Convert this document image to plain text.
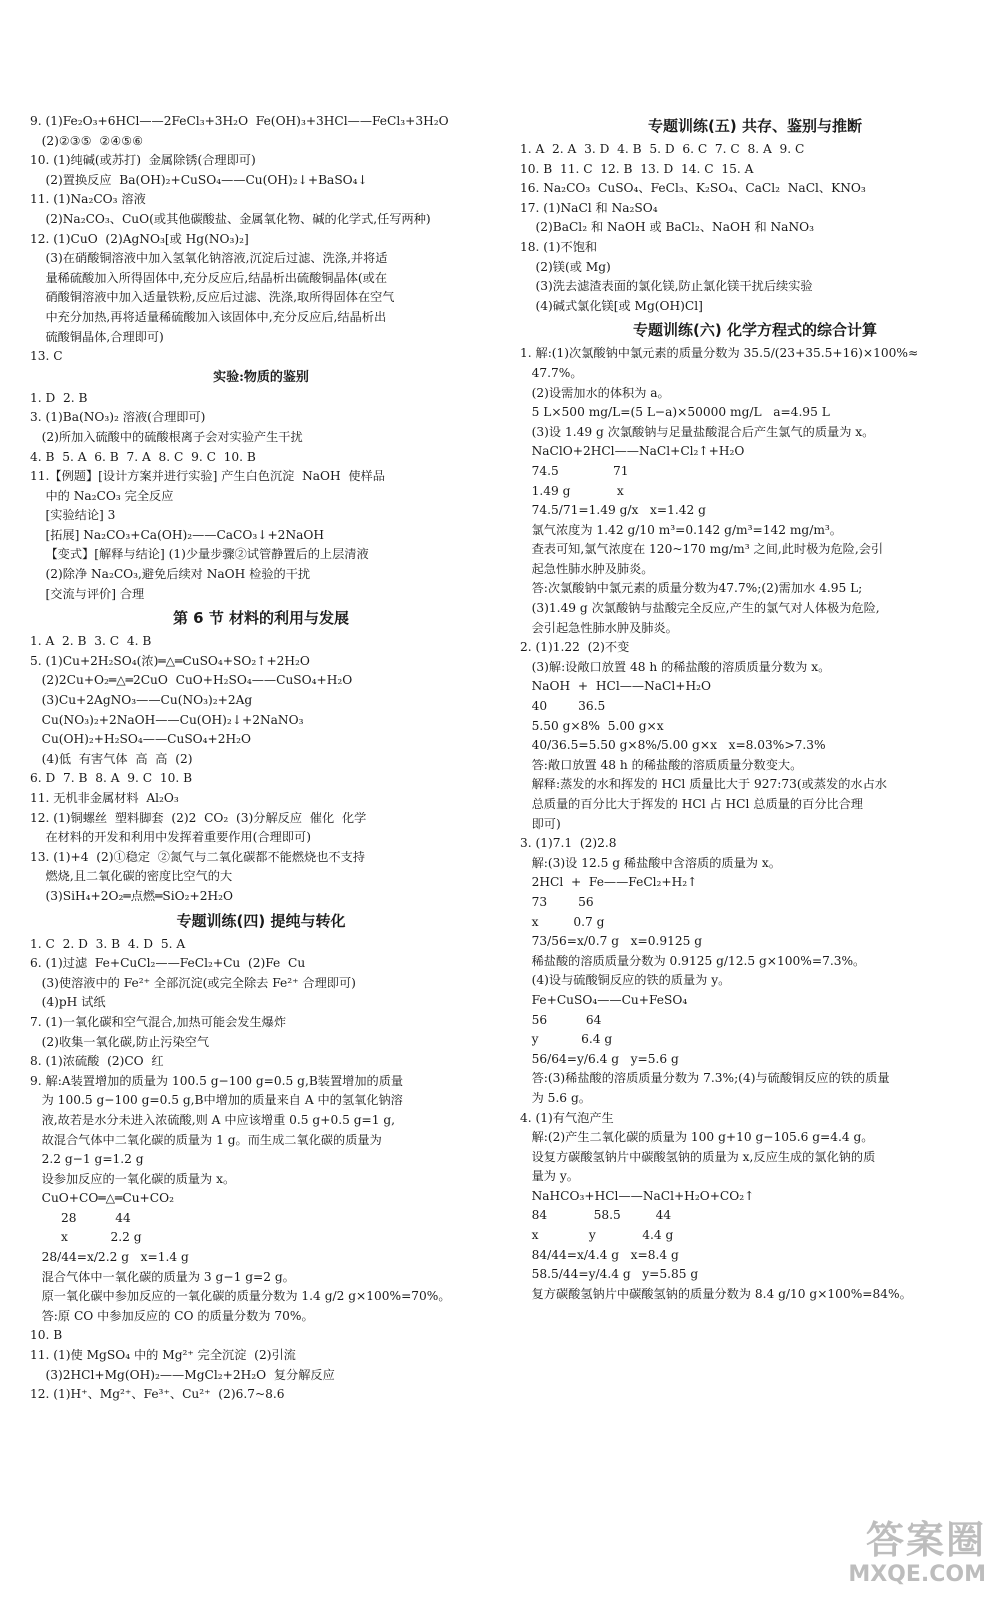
9. (1)Fe₂O₃+6HCl——2FeCl₃+3H₂O  Fe(OH)₃+3HCl——FeCl₃+3H₂O
(2)②③⑤  ②④⑤⑥
10. (1)纯碱(或苏打)  金属除锈(合理即可)
(2)置换反应  Ba(OH)₂+CuSO₄——Cu(OH)₂↓+BaSO₄↓
11. (1)Na₂CO₃ 溶液
(2)Na₂CO₃、CuO(或其他碳酸盐、金属氧化物、碱的化学式,任写两种)
12. (1)CuO  (2)AgNO₃[或 Hg(NO₃)₂]
(3)在硝酸铜溶液中加入氢氧化钠溶液,沉淀后过滤、洗涤,并将适
量稀硫酸加入所得固体中,充分反应后,结晶析出硫酸铜晶体(或在
硝酸铜溶液中加入适量铁粉,反应后过滤、洗涤,取所得固体在空气
中充分加热,再将适量稀硫酸加入该固体中,充分反应后,结晶析出
硫酸铜晶体,合理即可)
13. C
实验:物质的鉴别
1. D  2. B
3. (1)Ba(NO₃)₂ 溶液(合理即可)
(2)所加入硫酸中的硫酸根离子会对实验产生干扰
4. B  5. A  6. B  7. A  8. C  9. C  10. B
11.【例题】[设计方案并进行实验] 产生白色沉淀  NaOH  使样品
中的 Na₂CO₃ 完全反应
[实验结论] 3
[拓展] Na₂CO₃+Ca(OH)₂——CaCO₃↓+2NaOH
【变式】[解释与结论] (1)少量步骤②试管静置后的上层清液
(2)除净 Na₂CO₃,避免后续对 NaOH 检验的干扰
[交流与评价] 合理
第 6 节 材料的利用与发展
1. A  2. B  3. C  4. B
5. (1)Cu+2H₂SO₄(浓)═△═CuSO₄+SO₂↑+2H₂O
(2)2Cu+O₂═△═2CuO  CuO+H₂SO₄——CuSO₄+H₂O
(3)Cu+2AgNO₃——Cu(NO₃)₂+2Ag
Cu(NO₃)₂+2NaOH——Cu(OH)₂↓+2NaNO₃
Cu(OH)₂+H₂SO₄——CuSO₄+2H₂O
(4)低  有害气体  高  高  (2)
6. D  7. B  8. A  9. C  10. B
11. 无机非金属材料  Al₂O₃
12. (1)铜螺丝  塑料脚套  (2)2  CO₂  (3)分解反应  催化  化学
在材料的开发和利用中发挥着重要作用(合理即可)
13. (1)+4  (2)①稳定  ②氮气与二氧化碳都不能燃烧也不支持
燃烧,且二氧化碳的密度比空气的大
(3)SiH₄+2O₂═点燃═SiO₂+2H₂O
专题训练(四) 提纯与转化
1. C  2. D  3. B  4. D  5. A
6. (1)过滤  Fe+CuCl₂——FeCl₂+Cu  (2)Fe  Cu
(3)使溶液中的 Fe²⁺ 全部沉淀(或完全除去 Fe²⁺ 合理即可)
(4)pH 试纸
7. (1)一氧化碳和空气混合,加热可能会发生爆炸
(2)收集一氧化碳,防止污染空气
8. (1)浓硫酸  (2)CO  红
9. 解:A装置增加的质量为 100.5 g−100 g=0.5 g,B装置增加的质量
为 100.5 g−100 g=0.5 g,B中增加的质量来自 A 中的氢氧化钠溶
液,故若是水分未进入浓硫酸,则 A 中应该增重 0.5 g+0.5 g=1 g,
故混合气体中二氧化碳的质量为 1 g。而生成二氧化碳的质量为
2.2 g−1 g=1.2 g
设参加反应的一氧化碳的质量为 x。
CuO+CO═△═Cu+CO₂
28          44
x           2.2 g
28/44=x/2.2 g   x=1.4 g
混合气体中一氧化碳的质量为 3 g−1 g=2 g。
原一氧化碳中参加反应的一氧化碳的质量分数为 1.4 g/2 g×100%=70%。
答:原 CO 中参加反应的 CO 的质量分数为 70%。
10. B
11. (1)使 MgSO₄ 中的 Mg²⁺ 完全沉淀  (2)引流
(3)2HCl+Mg(OH)₂——MgCl₂+2H₂O  复分解反应
12. (1)H⁺、Mg²⁺、Fe³⁺、Cu²⁺  (2)6.7~8.6
专题训练(五) 共存、鉴别与推断
1. A  2. A  3. D  4. B  5. D  6. C  7. C  8. A  9. C
10. B  11. C  12. B  13. D  14. C  15. A
16. Na₂CO₃  CuSO₄、FeCl₃、K₂SO₄、CaCl₂  NaCl、KNO₃
17. (1)NaCl 和 Na₂SO₄
(2)BaCl₂ 和 NaOH 或 BaCl₂、NaOH 和 NaNO₃
18. (1)不饱和
(2)镁(或 Mg)
(3)洗去滤渣表面的氯化镁,防止氯化镁干扰后续实验
(4)碱式氯化镁[或 Mg(OH)Cl]
专题训练(六) 化学方程式的综合计算
1. 解:(1)次氯酸钠中氯元素的质量分数为 35.5/(23+35.5+16)×100%≈
47.7%。
(2)设需加水的体积为 a。
5 L×500 mg/L=(5 L−a)×50000 mg/L   a=4.95 L
(3)设 1.49 g 次氯酸钠与足量盐酸混合后产生氯气的质量为 x。
NaClO+2HCl——NaCl+Cl₂↑+H₂O
74.5              71
1.49 g            x
74.5/71=1.49 g/x   x=1.42 g
氯气浓度为 1.42 g/10 m³=0.142 g/m³=142 mg/m³。
查表可知,氯气浓度在 120~170 mg/m³ 之间,此时极为危险,会引
起急性肺水肿及肺炎。
答:次氯酸钠中氯元素的质量分数为47.7%;(2)需加水 4.95 L;
(3)1.49 g 次氯酸钠与盐酸完全反应,产生的氯气对人体极为危险,
会引起急性肺水肿及肺炎。
2. (1)1.22  (2)不变
(3)解:设敞口放置 48 h 的稀盐酸的溶质质量分数为 x。
NaOH  +  HCl——NaCl+H₂O
40        36.5
5.50 g×8%  5.00 g×x
40/36.5=5.50 g×8%/5.00 g×x   x=8.03%>7.3%
答:敞口放置 48 h 的稀盐酸的溶质质量分数变大。
解释:蒸发的水和挥发的 HCl 质量比大于 927:73(或蒸发的水占水
总质量的百分比大于挥发的 HCl 占 HCl 总质量的百分比合理
即可)
3. (1)7.1  (2)2.8
解:(3)设 12.5 g 稀盐酸中含溶质的质量为 x。
2HCl  +  Fe——FeCl₂+H₂↑
73        56
x         0.7 g
73/56=x/0.7 g   x=0.9125 g
稀盐酸的溶质质量分数为 0.9125 g/12.5 g×100%=7.3%。
(4)设与硫酸铜反应的铁的质量为 y。
Fe+CuSO₄——Cu+FeSO₄
56          64
y           6.4 g
56/64=y/6.4 g   y=5.6 g
答:(3)稀盐酸的溶质质量分数为 7.3%;(4)与硫酸铜反应的铁的质量
为 5.6 g。
4. (1)有气泡产生
解:(2)产生二氧化碳的质量为 100 g+10 g−105.6 g=4.4 g。
设复方碳酸氢钠片中碳酸氢钠的质量为 x,反应生成的氯化钠的质
量为 y。
NaHCO₃+HCl——NaCl+H₂O+CO₂↑
84            58.5         44
x             y            4.4 g
84/44=x/4.4 g   x=8.4 g
58.5/44=y/4.4 g   y=5.85 g
复方碳酸氢钠片中碳酸氢钠的质量分数为 8.4 g/10 g×100%=84%。
答案圈
MXQE.COM
